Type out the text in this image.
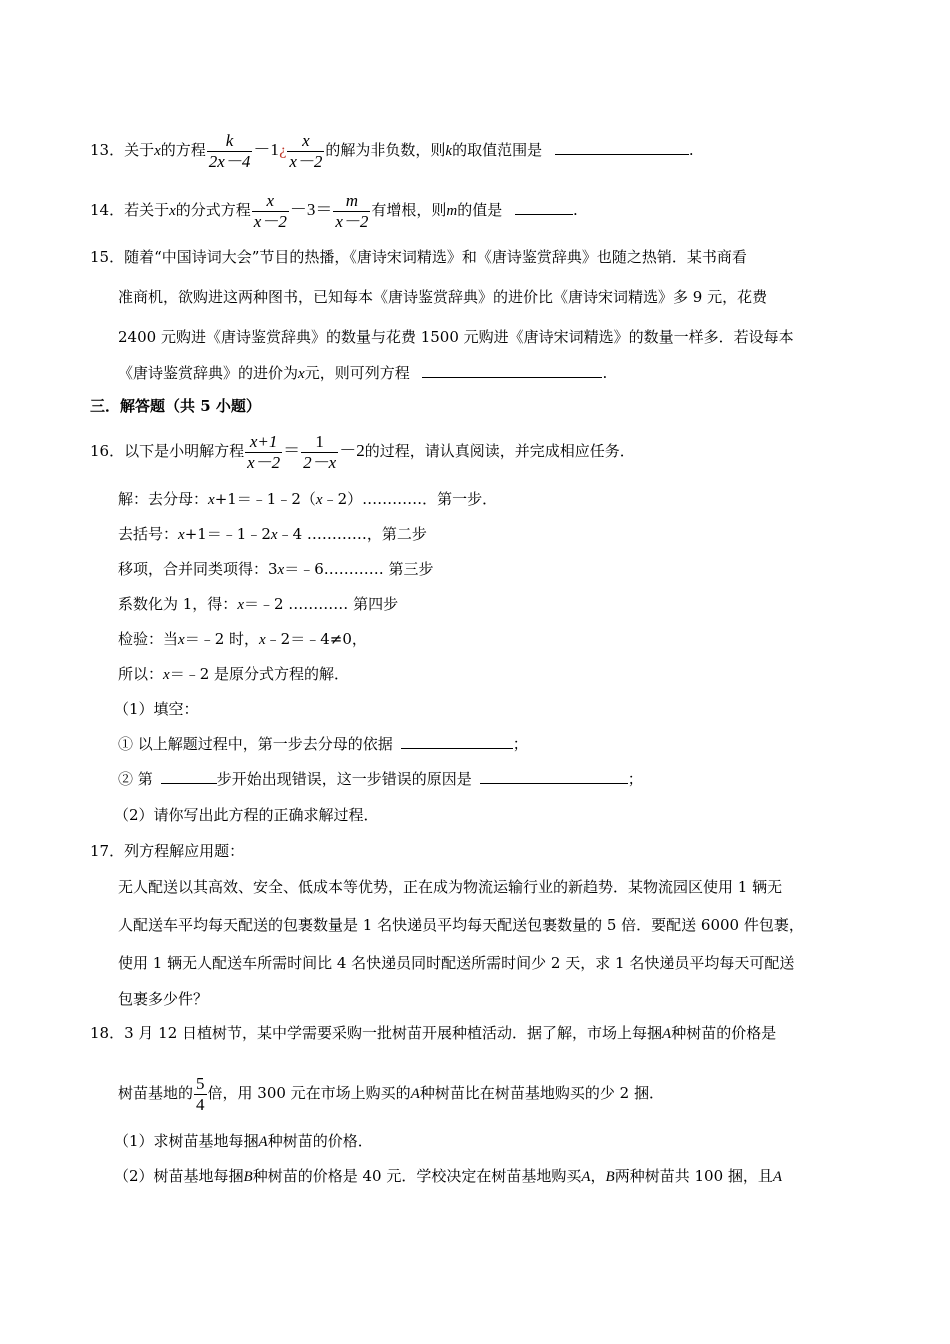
13．关于x的方程 $\frac{k}{2x-4}$ －1¿ $\frac{x}{x-2}$ 的解为非负数，则k的取值范围是	.
14．若关于x的分式方程 $\frac{x}{x-2} -3= \frac{m}{x-2}$ 有增根，则m的值是	.
15．随着“中国诗词大会”节目的热播，《唐诗宋词精选》和《唐诗鉴赏辞典》也随之热销．某书商看
准商机，欲购进这两种图书，已知每本《唐诗鉴赏辞典》的进价比《唐诗宋词精选》多 9 元，花费
2400 元购进《唐诗鉴赏辞典》的数量与花费 1500 元购进《唐诗宋词精选》的数量一样多．若设每本
《唐诗鉴赏辞典》的进价为x元，则可列方程	.
三．解答题（共 5 小题）
16．以下是小明解方程 $\frac{x+1}{x-2} = \frac{1}{2-x} -2$的过程，请认真阅读，并完成相应任务．
解：去分母：x+1＝﹣1﹣2（x﹣2）…………．第一步．
去括号：x+1＝﹣1﹣2x﹣4 …………，第二步
移项，合并同类项得：3x＝﹣6………… 第三步
系数化为 1，得：x＝﹣2 ………… 第四步
检验：当x＝﹣2 时，x﹣2＝﹣4≠0，
所以：x＝﹣2 是原分式方程的解．
（1）填空：
① 以上解题过程中，第一步去分母的依据	；
② 第	步开始出现错误，这一步错误的原因是	；
（2）请你写出此方程的正确求解过程．
17．列方程解应用题：
无人配送以其高效、安全、低成本等优势，正在成为物流运输行业的新趋势．某物流园区使用 1 辆无
人配送车平均每天配送的包裹数量是 1 名快递员平均每天配送包裹数量的 5 倍．要配送 6000 件包裹，
使用 1 辆无人配送车所需时间比 4 名快递员同时配送所需时间少 2 天，求 1 名快递员平均每天可配送
包裹多少件？
18．3 月 12 日植树节，某中学需要采购一批树苗开展种植活动．据了解，市场上每捆A种树苗的价格是
树苗基地的 $\frac{5}{4}$ 倍，用 300 元在市场上购买的A种树苗比在树苗基地购买的少 2 捆．
（1）求树苗基地每捆A种树苗的价格．
（2）树苗基地每捆B种树苗的价格是 40 元．学校决定在树苗基地购买A，B两种树苗共 100 捆，且A
